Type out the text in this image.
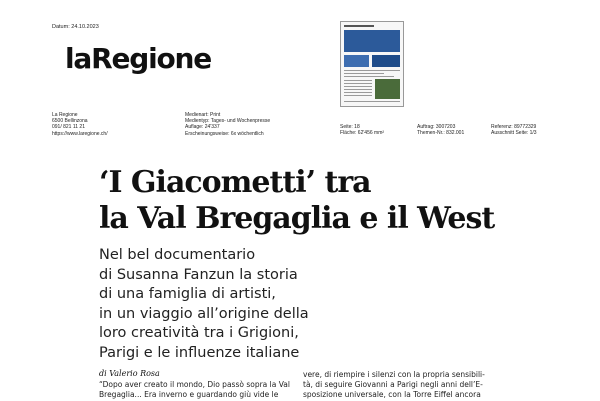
Datum: 24.10.2023
laRegione
La Regione
6500 Bellinzona
091/ 821 11 21
https://www.laregione.ch/
Medienart: Print
Medientyp: Tages- und Wochenpresse
Auflage: 24'337
Erscheinungsweise: 6x wöchentlich
Seite: 18
Fläche: 62'456 mm²
Auftrag: 3007203
Themen-Nr.: 832.001
Referenz: 89772329
Ausschnitt Seite: 1/3
‘I Giacometti’ tra
la Val Bregaglia e il West
Nel bel documentario
di Susanna Fanzun la storia
di una famiglia di artisti,
in un viaggio all’origine della
loro creatività tra i Grigioni,
Parigi e le influenze italiane
di Valerio Rosa
“Dopo aver creato il mondo, Dio passò sopra la Val
Bregaglia... Era inverno e guardando giù vide le
vere, di riempire i silenzi con la propria sensibili-
tà, di seguire Giovanni a Parigi negli anni dell’E-
sposizione universale, con la Torre Eiffel ancora
